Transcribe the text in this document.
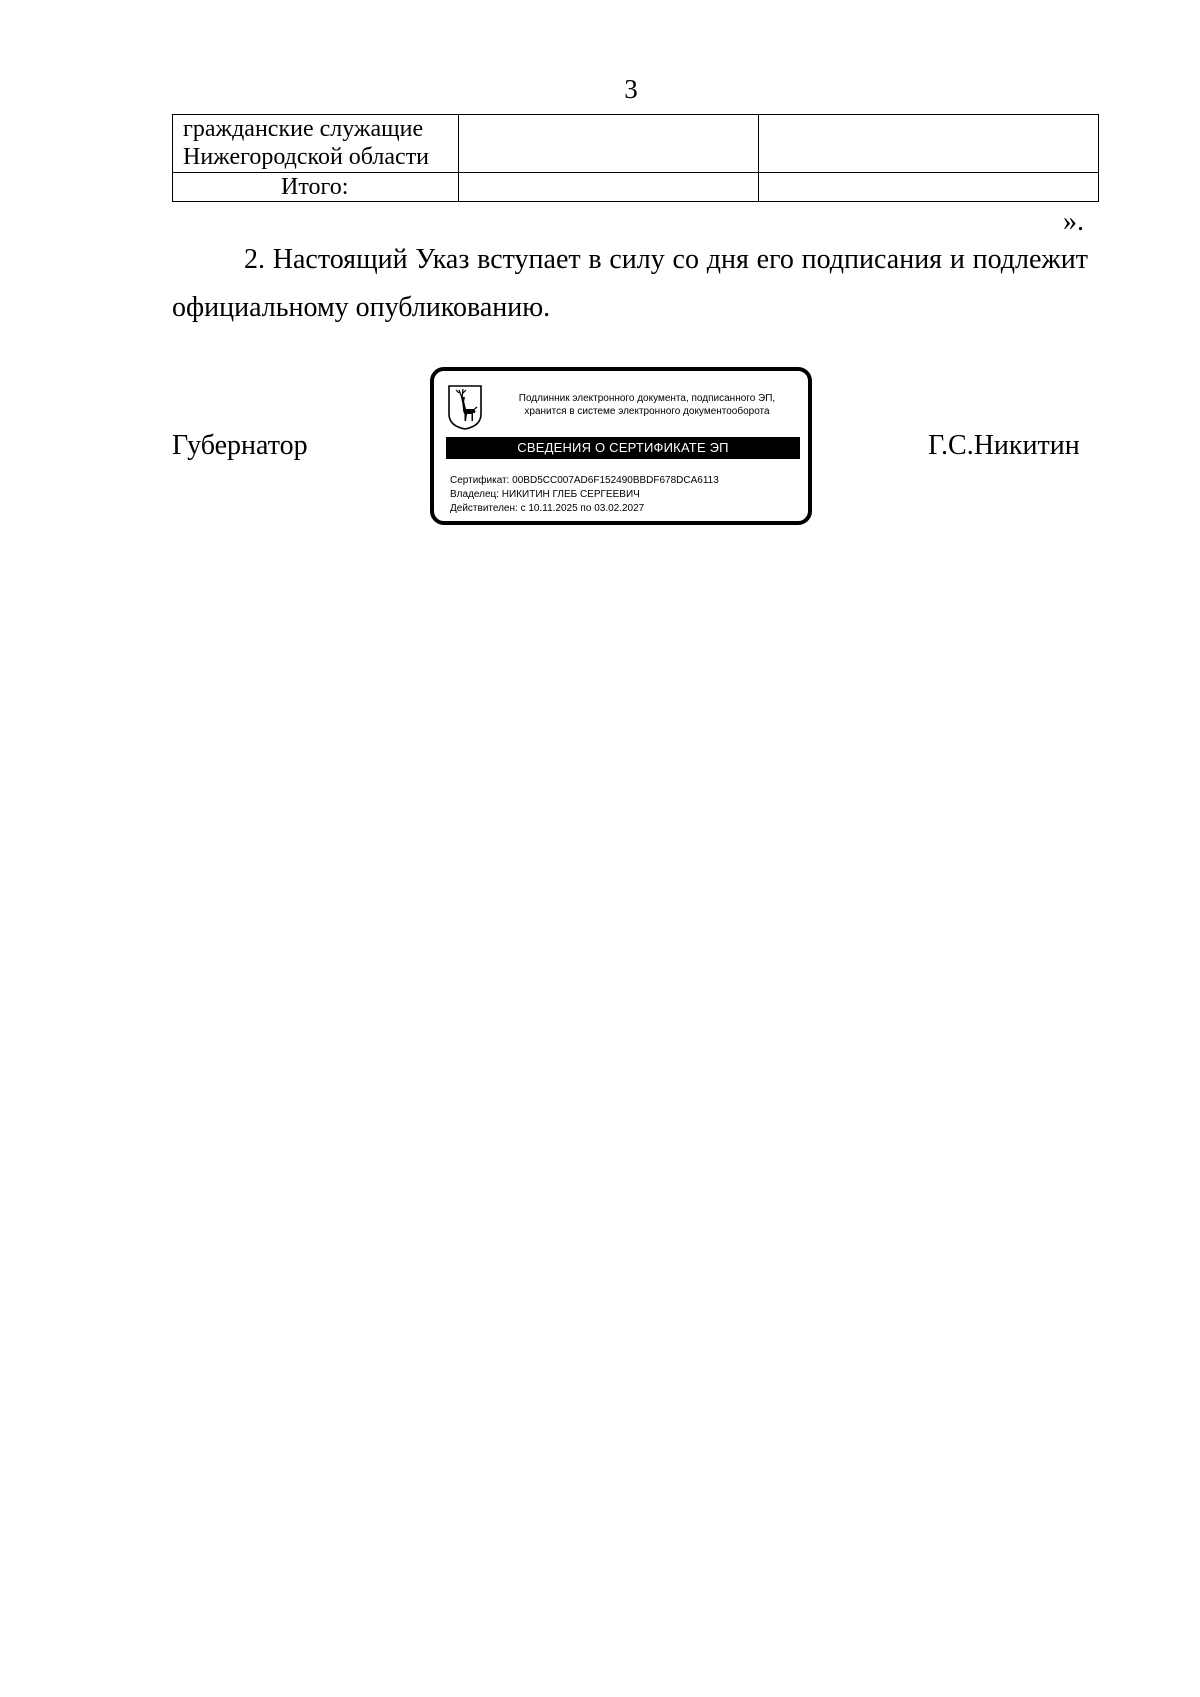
3
гражданские служащие Нижегородской области		
Итого:		
».
2. Настоящий Указ вступает в силу со дня его подписания и подлежит официальному опубликованию.
Губернатор	Г.С.Никитин
Подлинник электронного документа, подписанного ЭП,
хранится в системе электронного документооборота
СВЕДЕНИЯ О СЕРТИФИКАТЕ ЭП
Сертификат: 00BD5CC007AD6F152490BBDF678DCA6113
Владелец: НИКИТИН ГЛЕБ СЕРГЕЕВИЧ
Действителен: с 10.11.2025 по 03.02.2027
